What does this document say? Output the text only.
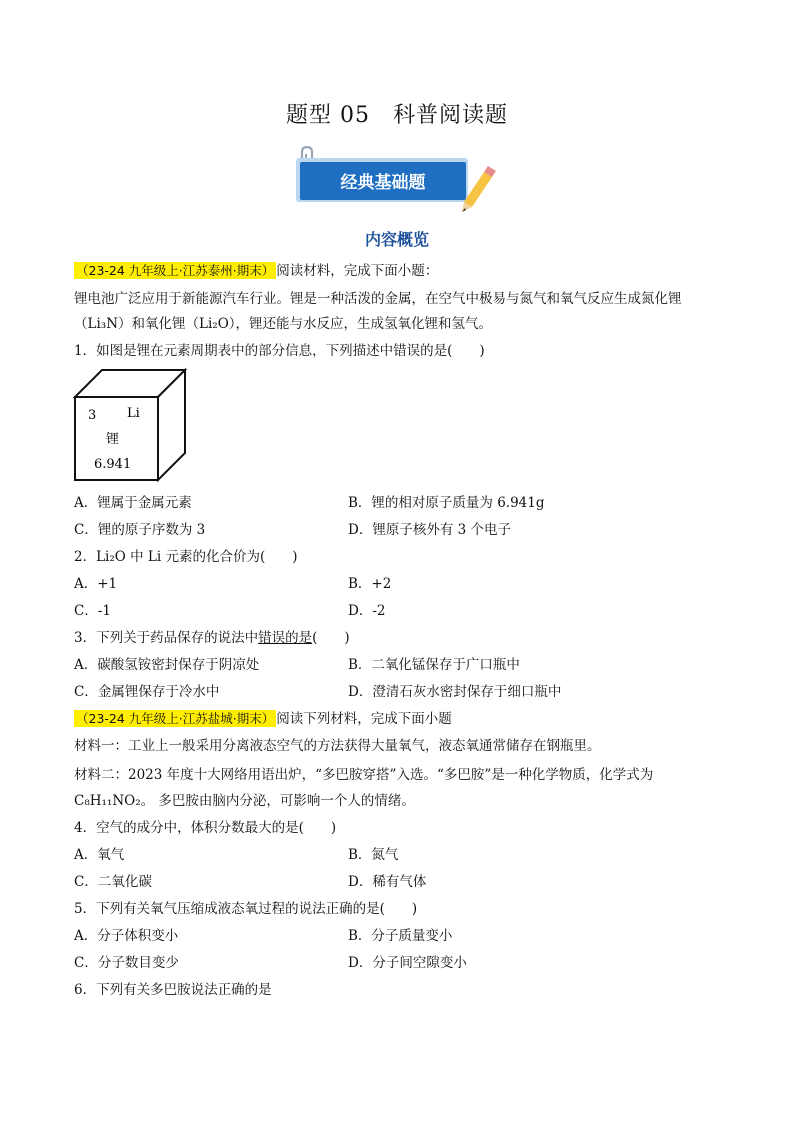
题型 05　科普阅读题
经典基础题
内容概览
（23-24 九年级上·江苏泰州·期末） 阅读材料，完成下面小题：
锂电池广泛应用于新能源汽车行业。锂是一种活泼的金属，在空气中极易与氮气和氧气反应生成氮化锂
（Li₃N）和氧化锂（Li₂O），锂还能与水反应，生成氢氧化锂和氢气。
1．如图是锂在元素周期表中的部分信息，下列描述中错误的是(　　)
3 Li
锂
6.941
A．锂属于金属元素	B．锂的相对原子质量为 6.941g
C．锂的原子序数为 3	D．锂原子核外有 3 个电子
2．Li₂O 中 Li 元素的化合价为(　　)
A．+1	B．+2
C．-1	D．-2
3．下列关于药品保存的说法中错误的是(　　)
A．碳酸氢铵密封保存于阴凉处	B．二氧化锰保存于广口瓶中
C．金属锂保存于冷水中	D．澄清石灰水密封保存于细口瓶中
（23-24 九年级上·江苏盐城·期末） 阅读下列材料，完成下面小题
材料一：工业上一般采用分离液态空气的方法获得大量氧气，液态氧通常储存在钢瓶里。
材料二：2023 年度十大网络用语出炉，“多巴胺穿搭”入选。“多巴胺”是一种化学物质，化学式为
C₈H₁₁NO₂。 多巴胺由脑内分泌，可影响一个人的情绪。
4．空气的成分中，体积分数最大的是(　　)
A．氧气	B．氮气
C．二氧化碳	D．稀有气体
5．下列有关氧气压缩成液态氧过程的说法正确的是(　　)
A．分子体积变小	B．分子质量变小
C．分子数目变少	D．分子间空隙变小
6．下列有关多巴胺说法正确的是
